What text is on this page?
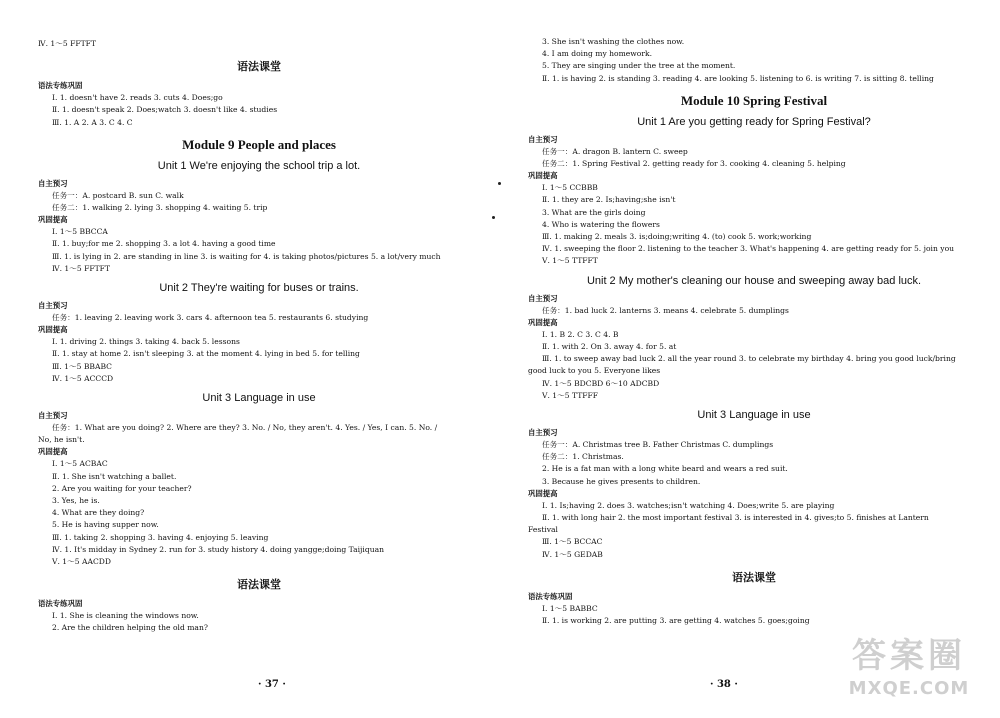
Ⅳ. 1～5 FFTFT
语法课堂
语法专练巩固
Ⅰ. 1. doesn't have 2. reads 3. cuts 4. Does;go
Ⅱ. 1. doesn't speak 2. Does;watch 3. doesn't like 4. studies
Ⅲ. 1. A 2. A 3. C 4. C
Module 9 People and places
Unit 1 We're enjoying the school trip a lot.
自主预习
任务一：A. postcard B. sun C. walk
任务二：1. walking 2. lying 3. shopping 4. waiting 5. trip
巩固提高
Ⅰ. 1～5 BBCCA
Ⅱ. 1. buy;for me 2. shopping 3. a lot 4. having a good time
Ⅲ. 1. is lying in 2. are standing in line 3. is waiting for 4. is taking photos/pictures 5. a lot/very much
Ⅳ. 1～5 FFTFT
Unit 2 They're waiting for buses or trains.
自主预习
任务：1. leaving 2. leaving work 3. cars 4. afternoon tea 5. restaurants 6. studying
巩固提高
Ⅰ. 1. driving 2. things 3. taking 4. back 5. lessons
Ⅱ. 1. stay at home 2. isn't sleeping 3. at the moment 4. lying in bed 5. for telling
Ⅲ. 1～5 BBABC
Ⅳ. 1～5 ACCCD
Unit 3 Language in use
自主预习
任务：1. What are you doing? 2. Where are they? 3. No. / No, they aren't. 4. Yes. / Yes, I can. 5. No. /
No, he isn't.
巩固提高
Ⅰ. 1～5 ACBAC
Ⅱ. 1. She isn't watching a ballet.
2. Are you waiting for your teacher?
3. Yes, he is.
4. What are they doing?
5. He is having supper now.
Ⅲ. 1. taking 2. shopping 3. having 4. enjoying 5. leaving
Ⅳ. 1. It's midday in Sydney 2. run for 3. study history 4. doing yangge;doing Taijiquan
Ⅴ. 1～5 AACDD
语法课堂
语法专练巩固
Ⅰ. 1. She is cleaning the windows now.
2. Are the children helping the old man?
· 37 ·
3. She isn't washing the clothes now.
4. I am doing my homework.
5. They are singing under the tree at the moment.
Ⅱ. 1. is having 2. is standing 3. reading 4. are looking 5. listening to 6. is writing 7. is sitting 8. telling
Module 10 Spring Festival
Unit 1 Are you getting ready for Spring Festival?
自主预习
任务一：A. dragon B. lantern C. sweep
任务二：1. Spring Festival 2. getting ready for 3. cooking 4. cleaning 5. helping
巩固提高
Ⅰ. 1～5 CCBBB
Ⅱ. 1. they are 2. Is;having;she isn't
3. What are the girls doing
4. Who is watering the flowers
Ⅲ. 1. making 2. meals 3. is;doing;writing 4. (to) cook 5. work;working
Ⅳ. 1. sweeping the floor 2. listening to the teacher 3. What's happening 4. are getting ready for 5. join you
Ⅴ. 1～5 TTFFT
Unit 2 My mother's cleaning our house and sweeping away bad luck.
自主预习
任务：1. bad luck 2. lanterns 3. means 4. celebrate 5. dumplings
巩固提高
Ⅰ. 1. B 2. C 3. C 4. B
Ⅱ. 1. with 2. On 3. away 4. for 5. at
Ⅲ. 1. to sweep away bad luck 2. all the year round 3. to celebrate my birthday 4. bring you good luck/bring
good luck to you 5. Everyone likes
Ⅳ. 1～5 BDCBD 6～10 ADCBD
Ⅴ. 1～5 TTFFF
Unit 3 Language in use
自主预习
任务一：A. Christmas tree B. Father Christmas C. dumplings
任务二：1. Christmas.
2. He is a fat man with a long white beard and wears a red suit.
3. Because he gives presents to children.
巩固提高
Ⅰ. 1. Is;having 2. does 3. watches;isn't watching 4. Does;write 5. are playing
Ⅱ. 1. with long hair 2. the most important festival 3. is interested in 4. gives;to 5. finishes at Lantern
Festival
Ⅲ. 1～5 BCCAC
Ⅳ. 1～5 GEDAB
语法课堂
语法专练巩固
Ⅰ. 1～5 BABBC
Ⅱ. 1. is working 2. are putting 3. are getting 4. watches 5. goes;going
· 38 ·
答案圈
MXQE.COM
